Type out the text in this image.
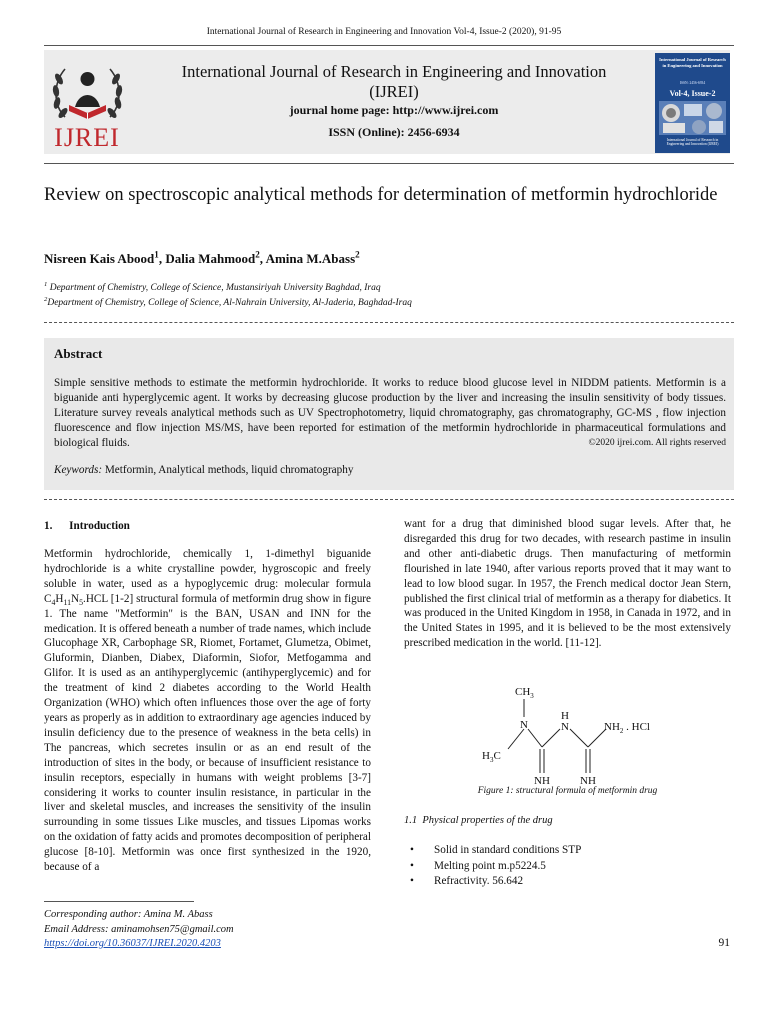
International Journal of Research in Engineering and Innovation Vol-4, Issue-2 (2020), 91-95
IJREI
International Journal of Research in Engineering and Innovation
(IJREI)
journal home page: http://www.ijrei.com
ISSN (Online): 2456-6934
International Journal of Research in Engineering and Innovation
ISSN: 2456-6934
Vol-4, Issue-2
International Journal of Research in Engineering and Innovation (IJREI)
Review on spectroscopic analytical methods for determination of metformin hydrochloride
Nisreen Kais Abood$^1$, Dalia Mahmood$^2$, Amina M.Abass$^2$
$^1$ Department of Chemistry, College of Science, Mustansiriyah University Baghdad, Iraq
$^2$Department of Chemistry, College of Science, Al-Nahrain University, Al-Jaderia, Baghdad-Iraq
Abstract
Simple sensitive methods to estimate the metformin hydrochloride. It works to reduce blood glucose level in NIDDM patients. Metformin is a biguanide anti hyperglycemic agent. It works by decreasing glucose production by the liver and increasing the insulin sensitivity of body tissues. Literature survey reveals analytical methods such as UV Spectrophotometry, liquid chromatography, gas chromatography, GC-MS , flow injection fluorescence and flow injection MS/MS, have been reported for estimation of the metformin hydrochloride in pharmaceutical formulations and biological fluids.	©2020 ijrei.com. All rights reserved
Keywords: Metformin, Analytical methods, liquid chromatography
1.      Introduction
Metformin hydrochloride, chemically 1, 1-dimethyl biguanide hydrochloride is a white crystalline powder, hygroscopic and freely soluble in water, used as a hypoglycemic drug: molecular formula $C_4H_{11}N_5.HCL$ [1-2] structural formula of metformin drug show in figure 1. The name "Metformin" is the BAN, USAN and INN for the medication. It is offered beneath a number of trade names, which include Glucophage XR, Carbophage SR, Riomet, Fortamet, Glumetza, Obimet, Gluformin, Dianben, Diabex, Diaformin, Siofor, Metfogamma and Glifor. It is used as an antihyperglycemic (antihyperglycemic) and for the treatment of kind 2 diabetes according to the World Health Organization (WHO) which often influences those over the age of forty years as properly as in addition to extraordinary age agencies induced by insulin deficiency due to the presence of weakness in the beta cells) in The pancreas, which secretes insulin or as an end result of the introduction of sites in the body, or because of insufficient resistance to insulin receptors, especially in humans with weight problems [3-7] considering it works to counter insulin resistance, in particular in the liver and skeletal muscles, and increases the sensitivity of the insulin surrounding in some tissues Like muscles, and tissues Lipomas works on the oxidation of fatty acids and promotes decomposition of peripheral glucose [8-10]. Metformin was once first synthesized in the 1920, because of a
want for a drug that diminished blood sugar levels. After that, he disregarded this drug for two decades, with research pastime in insulin and other anti-diabetic drugs. Then manufacturing of metformin flourished in late 1940, after various reports proved that it may want to lead to low blood sugar. In 1957, the French medical doctor Jean Stern, published the first clinical trial of metformin as a therapy for diabetics. It was produced in the United Kingdom in 1958, in Canada in 1972, and in the United States in 1995, and it is believed to be the most extensively prescribed medication in the world. [11-12].
$CH_3$
N
H
N	$NH_2$ . HCl
$H_3C$
NH	NH
Figure 1: structural formula of metformin drug
1.1  Physical properties of the drug
• Solid in standard conditions STP
• Melting point m.p5224.5
• Refractivity. 56.642
Corresponding author: Amina M. Abass
Email Address: aminamohsen75@gmail.com
https://doi.org/10.36037/IJREI.2020.4203	91
